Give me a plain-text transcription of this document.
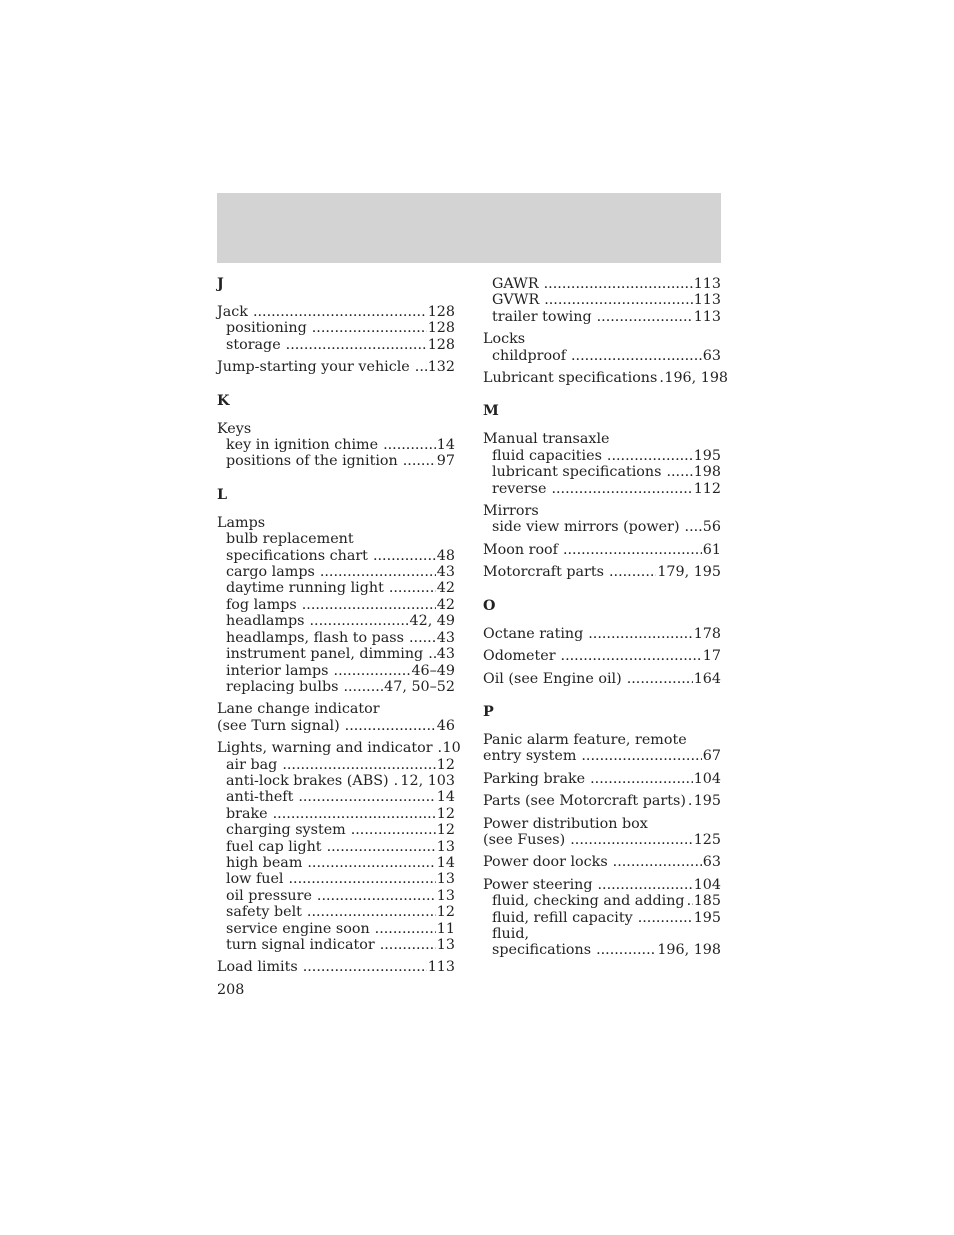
J
Jack .....	128
positioning .....	128
storage .....	128
Jump-starting your vehicle ..... 132
K
Keys
key in ignition chime .....	14
positions of the ignition .....	97
L
Lamps
bulb replacement
specifications chart .....	48
cargo lamps .....	43
daytime running light .....	42
fog lamps .....	42
headlamps .....	42, 49
headlamps, flash to pass ..... 43
instrument panel, dimming ..... 43
interior lamps .....	46–49
replacing bulbs .....	47, 50–52
Lane change indicator
(see Turn signal) .....	46
Lights, warning and indicator ..... 10
air bag .....	12
anti-lock brakes (ABS) ..... 12, 103
anti-theft .....	14
brake .....	12
charging system .....	12
fuel cap light .....	13
high beam .....	14
low fuel .....	13
oil pressure .....	13
safety belt .....	12
service engine soon .....	11
turn signal indicator .....	13
Load limits .....	113
GAWR .....	113
GVWR .....	113
trailer towing .....	113
Locks
childproof .....	63
Lubricant specifications ..... 196, 198
M
Manual transaxle
fluid capacities .....	195
lubricant specifications ..... 198
reverse .....	112
Mirrors
side view mirrors (power) ..... 56
Moon roof .....	61
Motorcraft parts .....	179, 195
O
Octane rating .....	178
Odometer .....	17
Oil (see Engine oil) .....	164
P
Panic alarm feature, remote
entry system .....	67
Parking brake .....	104
Parts (see Motorcraft parts) ..... 195
Power distribution box
(see Fuses) .....	125
Power door locks .....	63
Power steering .....	104
fluid, checking and adding ..... 185
fluid, refill capacity .....	195
fluid,
specifications .....	196, 198
208
